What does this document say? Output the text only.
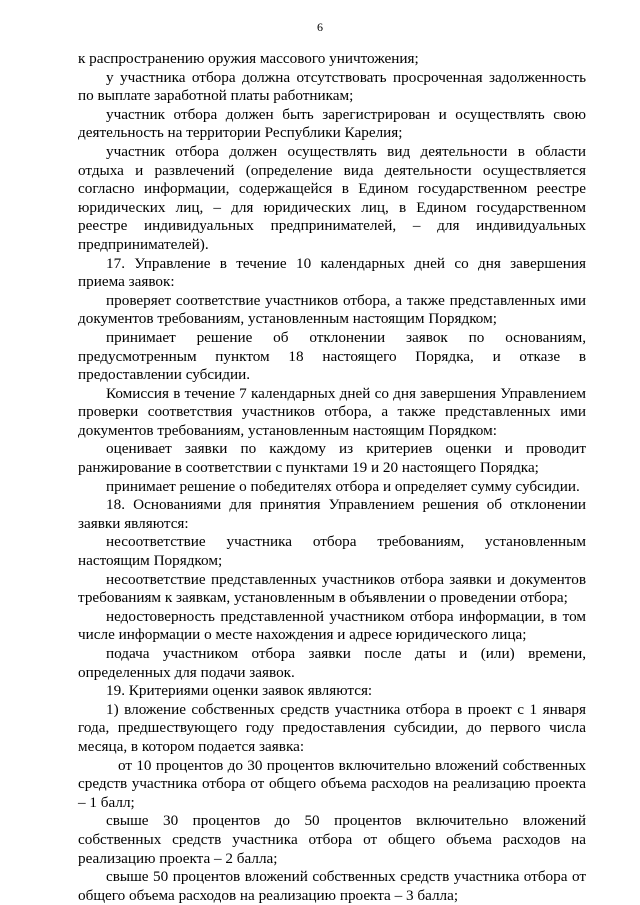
6

к распространению оружия массового уничтожения;

у участника отбора должна отсутствовать просроченная задолженность по выплате заработной платы работникам;

участник отбора должен быть зарегистрирован и осуществлять свою деятельность на территории Республики Карелия;

участник отбора должен осуществлять вид деятельности в области отдыха и развлечений (определение вида деятельности осуществляется согласно информации, содержащейся в Едином государственном реестре юридических лиц, – для юридических лиц, в Едином государственном реестре индивидуальных предпринимателей, – для индивидуальных предпринимателей).

17. Управление в течение 10 календарных дней со дня завершения приема заявок:

проверяет соответствие участников отбора, а также представленных ими документов требованиям, установленным настоящим Порядком;

принимает решение об отклонении заявок по основаниям, предусмотренным пунктом 18 настоящего Порядка, и отказе в предоставлении субсидии.

Комиссия в течение 7 календарных дней со дня завершения Управлением проверки соответствия участников отбора, а также представленных ими документов требованиям, установленным настоящим Порядком:

оценивает заявки по каждому из критериев оценки и проводит ранжирование в соответствии с пунктами 19 и 20 настоящего Порядка;

принимает решение о победителях отбора и определяет сумму субсидии.

18. Основаниями для принятия Управлением решения об отклонении заявки являются:

несоответствие участника отбора требованиям, установленным настоящим Порядком;

несоответствие представленных участников отбора заявки и документов требованиям к заявкам, установленным в объявлении о проведении отбора;

недостоверность представленной участником отбора информации, в том числе информации о месте нахождения и адресе юридического лица;

подача участником отбора заявки после даты и (или) времени, определенных для подачи заявок.

19. Критериями оценки заявок являются:

1) вложение собственных средств участника отбора в проект с 1 января года, предшествующего году предоставления субсидии, до первого числа месяца, в котором подается заявка:

от 10 процентов до 30 процентов включительно вложений собственных средств участника отбора от общего объема расходов на реализацию проекта – 1 балл;

свыше 30 процентов до 50 процентов включительно вложений собственных средств участника отбора от общего объема расходов на реализацию проекта – 2 балла;

свыше 50 процентов вложений собственных средств участника отбора от общего объема расходов на реализацию проекта – 3 балла;
